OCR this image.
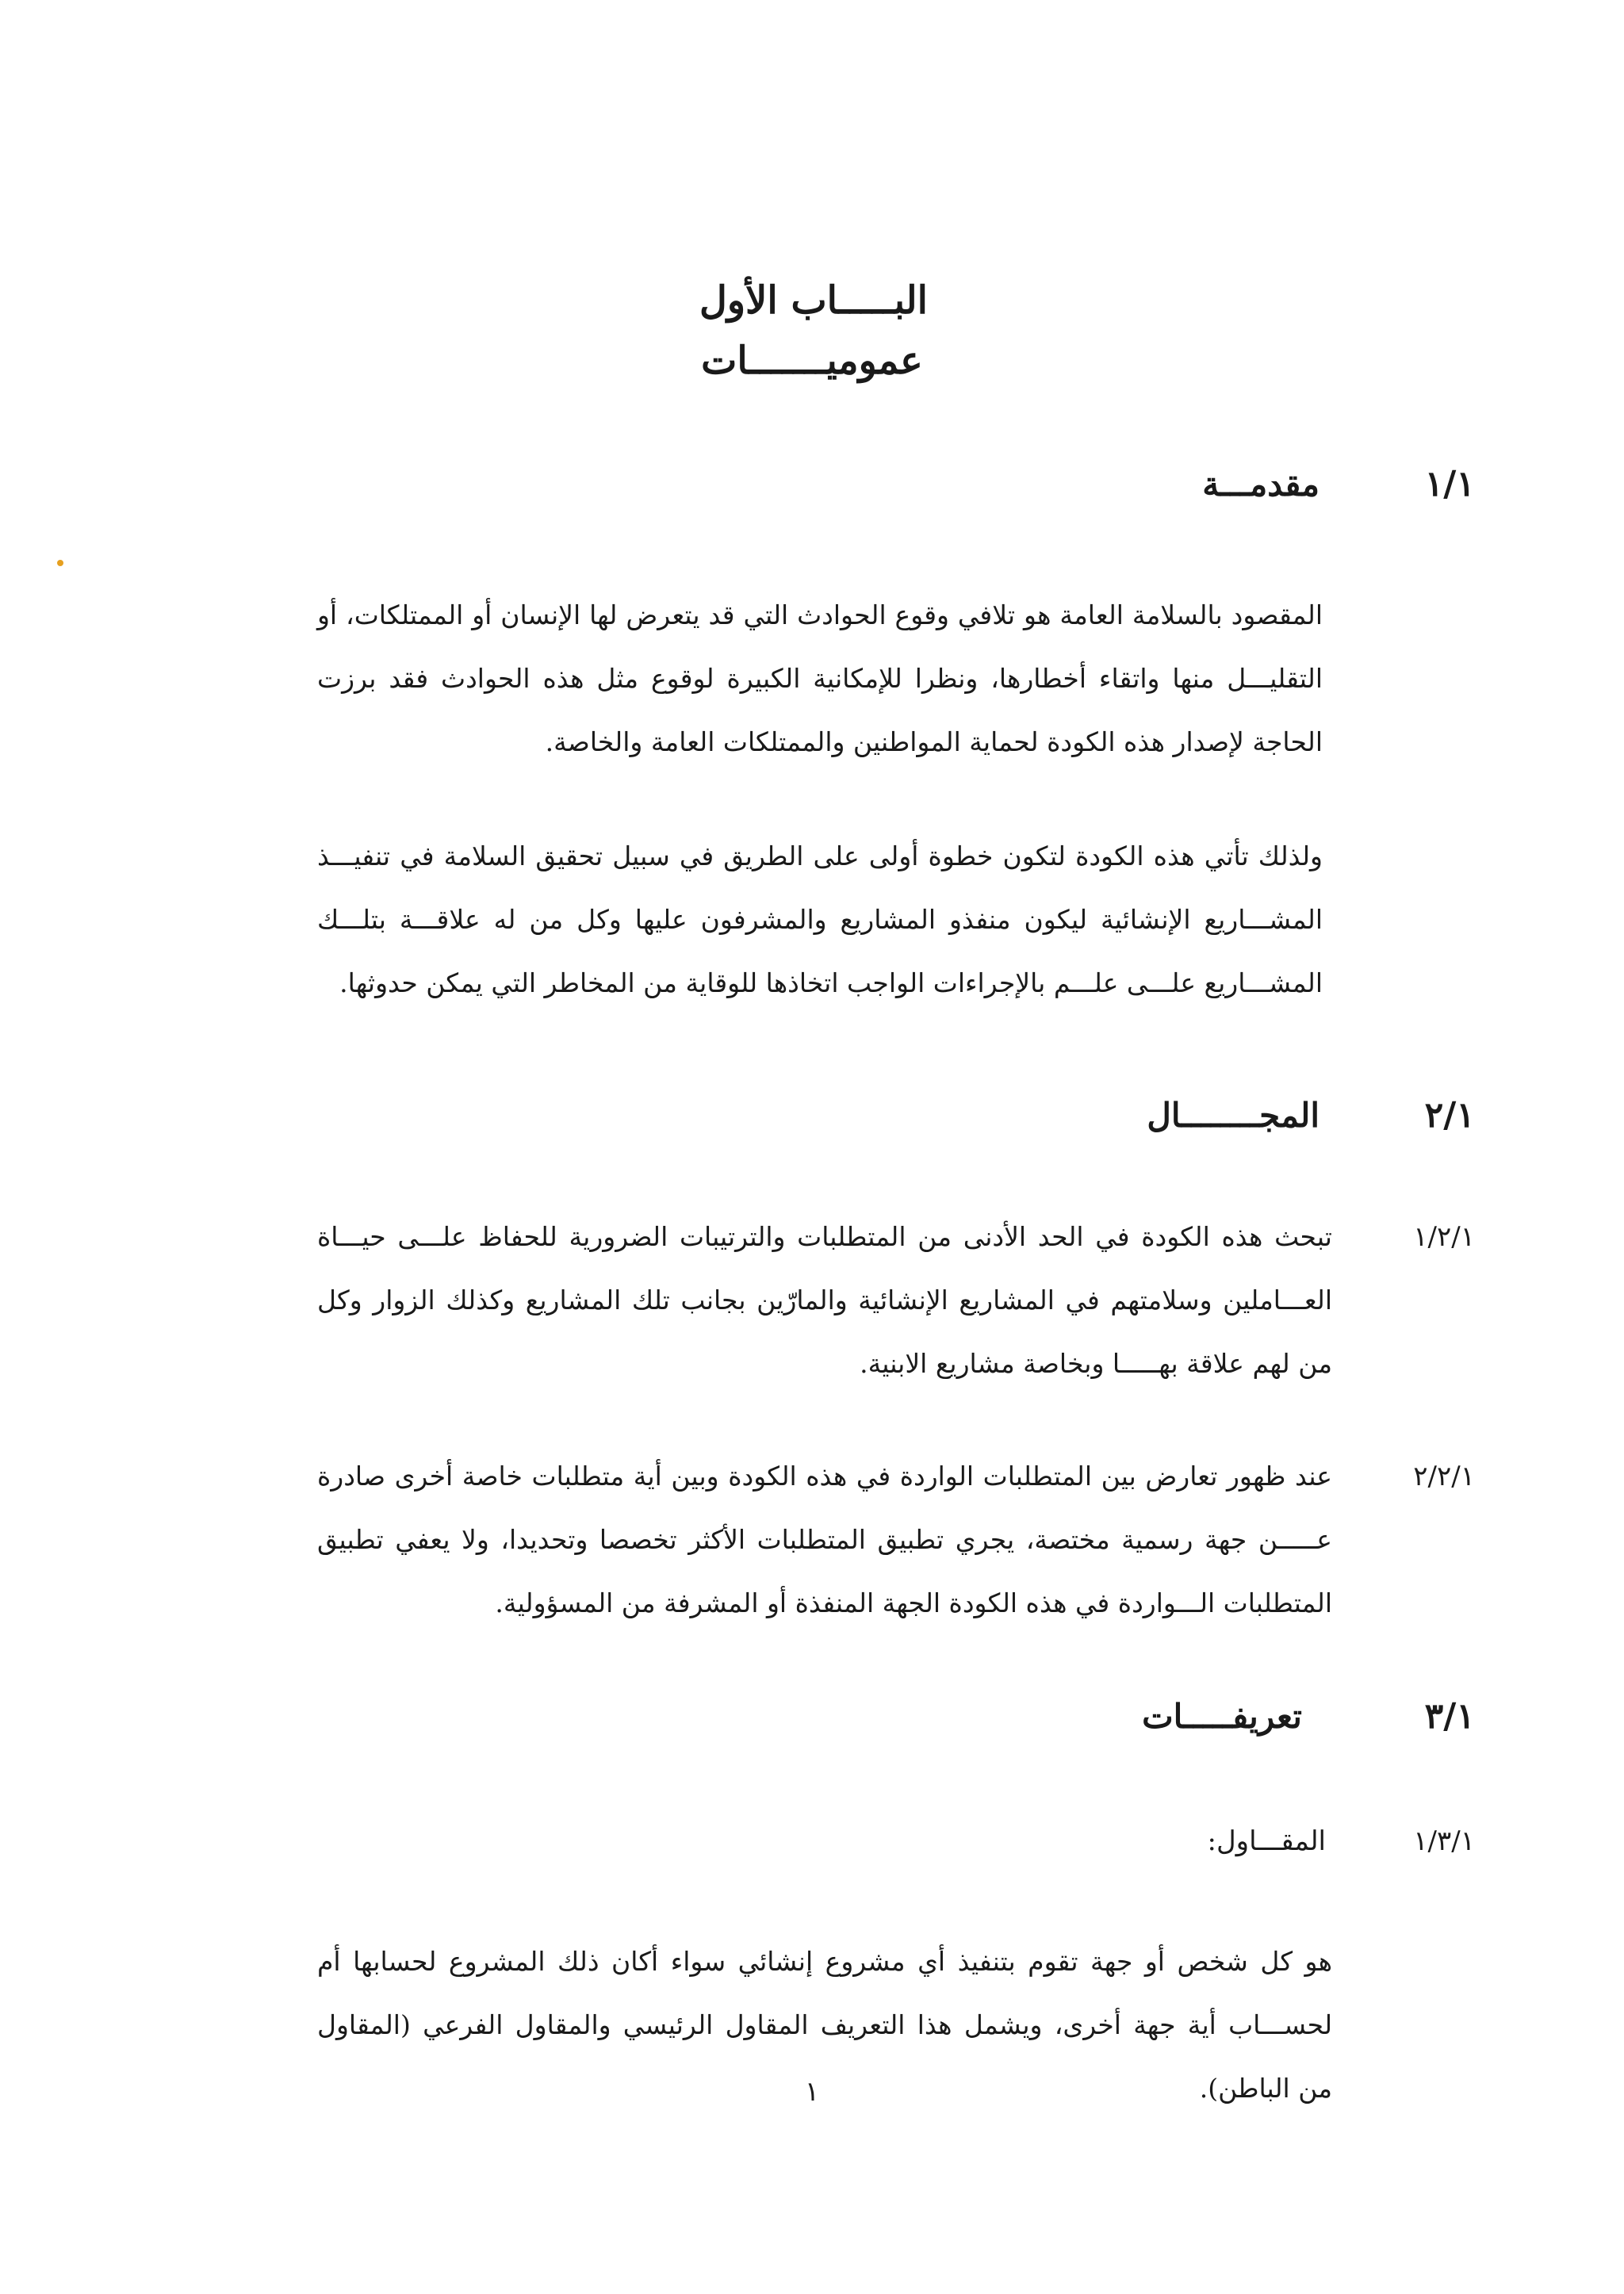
البـــــاب الأول
عموميـــــــات
١/١
مقدمـــة

المقصود بالسلامة العامة هو تلافي وقوع الحوادث التي قد يتعرض لها الإنسان أو الممتلكات، أو التقليـــل منها واتقاء أخطارها، ونظرا للإمكانية الكبيرة لوقوع مثل هذه الحوادث فقد برزت الحاجة لإصدار هذه الكودة لحماية المواطنين والممتلكات العامة والخاصة.

ولذلك تأتي هذه الكودة لتكون خطوة أولى على الطريق في سبيل تحقيق السلامة في تنفيـــذ المشـــاريع الإنشائية ليكون منفذو المشاريع والمشرفون عليها وكل من له علاقـــة بتلـــك المشـــاريع علـــى علـــم بالإجراءات الواجب اتخاذها للوقاية من المخاطر التي يمكن حدوثها.

٢/١
المجــــــــال
١/٢/١

تبحث هذه الكودة في الحد الأدنى من المتطلبات والترتيبات الضرورية للحفاظ علـــى حيـــاة العـــاملين وسلامتهم في المشاريع الإنشائية والمارّين بجانب تلك المشاريع وكذلك الزوار وكل من لهم علاقة بهـــــا وبخاصة مشاريع الابنية.

٢/٢/١

عند ظهور تعارض بين المتطلبات الواردة في هذه الكودة وبين أية متطلبات خاصة أخرى صادرة عـــــن جهة رسمية مختصة، يجري تطبيق المتطلبات الأكثر تخصصا وتحديدا، ولا يعفي تطبيق المتطلبات الـــواردة في هذه الكودة الجهة المنفذة أو المشرفة من المسؤولية.

٣/١
تعريفـــــات
١/٣/١
المقـــاول:

هو كل شخص أو جهة تقوم بتنفيذ أي مشروع إنشائي سواء أكان ذلك المشروع لحسابها أم لحســـاب أية جهة أخرى، ويشمل هذا التعريف المقاول الرئيسي والمقاول الفرعي (المقاول من الباطن).

١
